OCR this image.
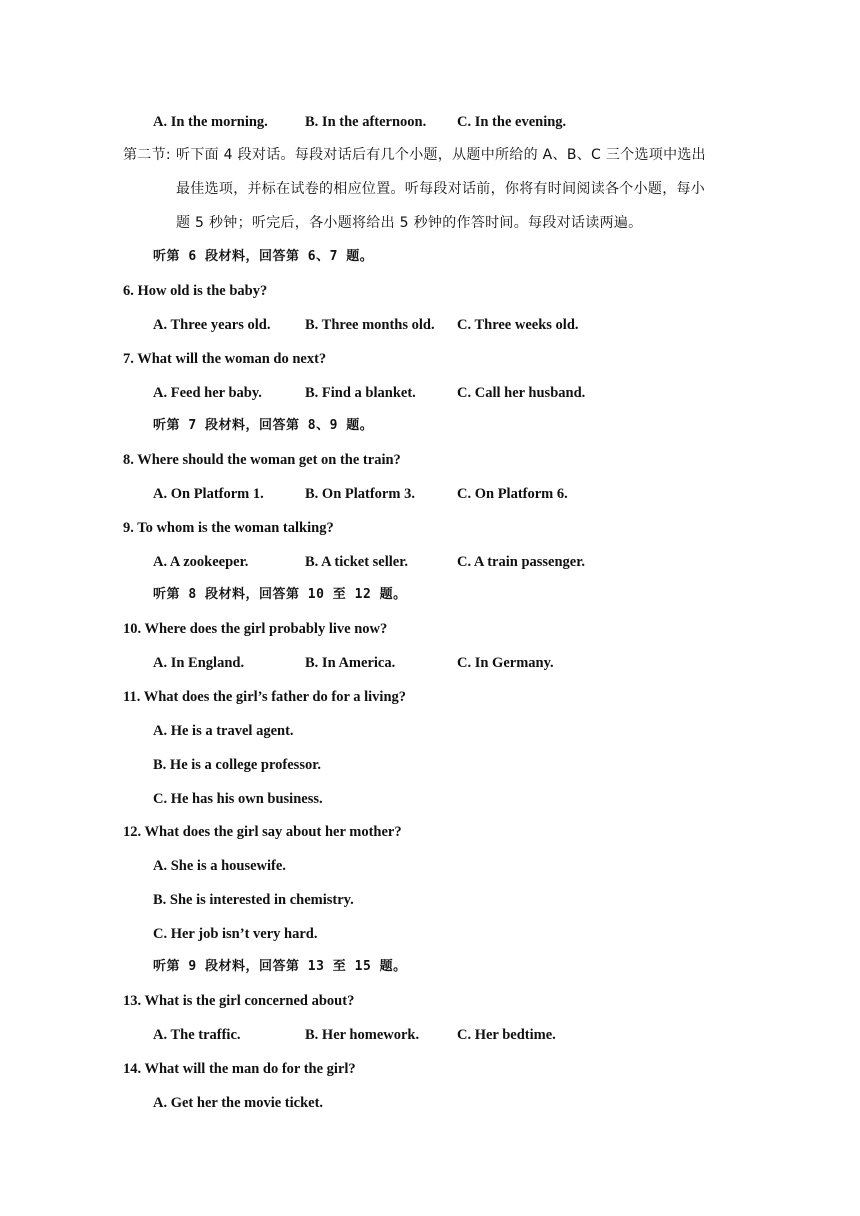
A. In the morning.	B. In the afternoon. C. In the evening.
第二节: 听下面 4 段对话。每段对话后有几个小题，从题中所给的 A、B、C 三个选项中选出
最佳选项，并标在试卷的相应位置。听每段对话前，你将有时间阅读各个小题，每小
题 5 秒钟；听完后，各小题将给出 5 秒钟的作答时间。每段对话读两遍。
听第 6 段材料，回答第 6、7 题。
6. How old is the baby?
A. Three years old. B. Three months old. C. Three weeks old.
7. What will the woman do next?
A. Feed her baby.	B. Find a blanket.	C. Call her husband.
听第 7 段材料，回答第 8、9 题。
8. Where should the woman get on the train?
A. On Platform 1.	B. On Platform 3.	C. On Platform 6.
9. To whom is the woman talking?
A. A zookeeper.	B. A ticket seller.	C. A train passenger.
听第 8 段材料，回答第 10 至 12 题。
10. Where does the girl probably live now?
A. In England.	B. In America.	C. In Germany.
11. What does the girl’s father do for a living?
A. He is a travel agent.
B. He is a college professor.
C. He has his own business.
12. What does the girl say about her mother?
A. She is a housewife.
B. She is interested in chemistry.
C. Her job isn’t very hard.
听第 9 段材料，回答第 13 至 15 题。
13. What is the girl concerned about?
A. The traffic.	B. Her homework.	C. Her bedtime.
14. What will the man do for the girl?
A. Get her the movie ticket.
